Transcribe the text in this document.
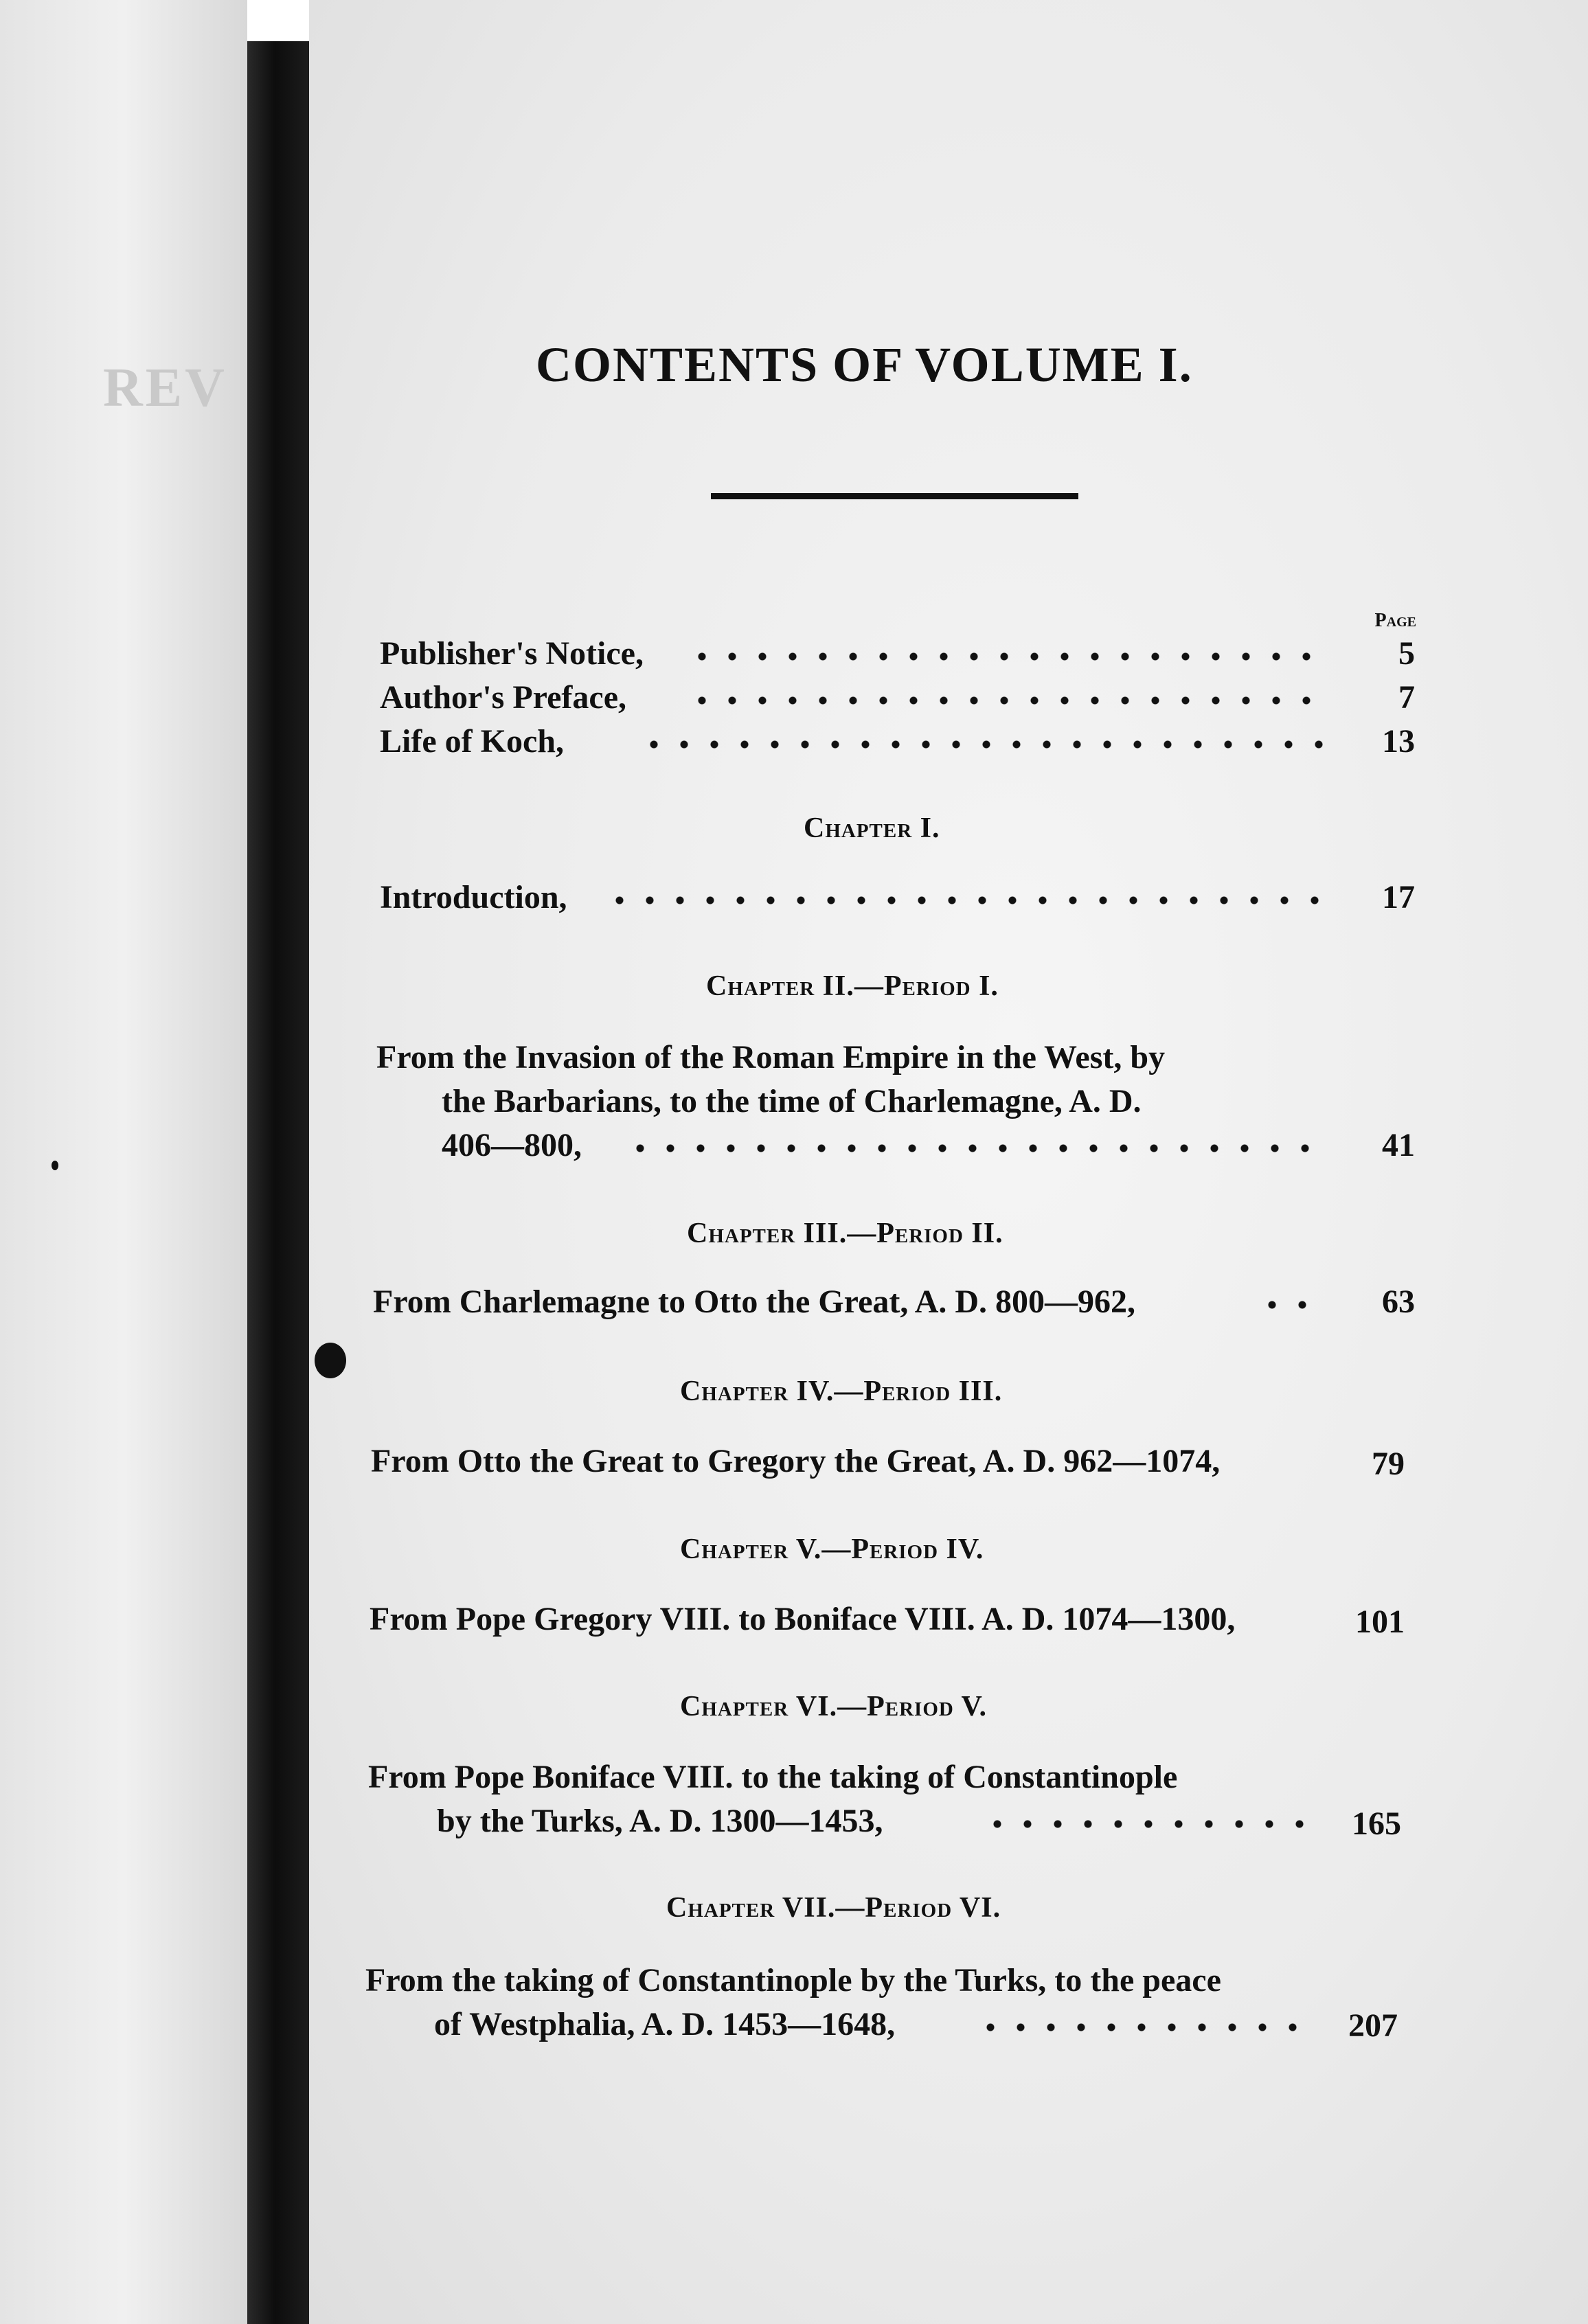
REV	CONTENTS OF VOLUME I.
Page
Publisher's Notice,	5
Author's Preface,	7
Life of Koch,	13
Chapter I.
Introduction,	17
Chapter II.—Period I.
From the Invasion of the Roman Empire in the West, by
the Barbarians, to the time of Charlemagne, A. D.
406—800,	41
Chapter III.—Period II.
From Charlemagne to Otto the Great, A. D. 800—962,	63
Chapter IV.—Period III.
From Otto the Great to Gregory the Great, A. D. 962—1074,	79
Chapter V.—Period IV.
From Pope Gregory VIII. to Boniface VIII. A. D. 1074—1300,	101
Chapter VI.—Period V.
From Pope Boniface VIII. to the taking of Constantinople
by the Turks, A. D. 1300—1453,	165
Chapter VII.—Period VI.
From the taking of Constantinople by the Turks, to the peace
of Westphalia, A. D. 1453—1648,	207
